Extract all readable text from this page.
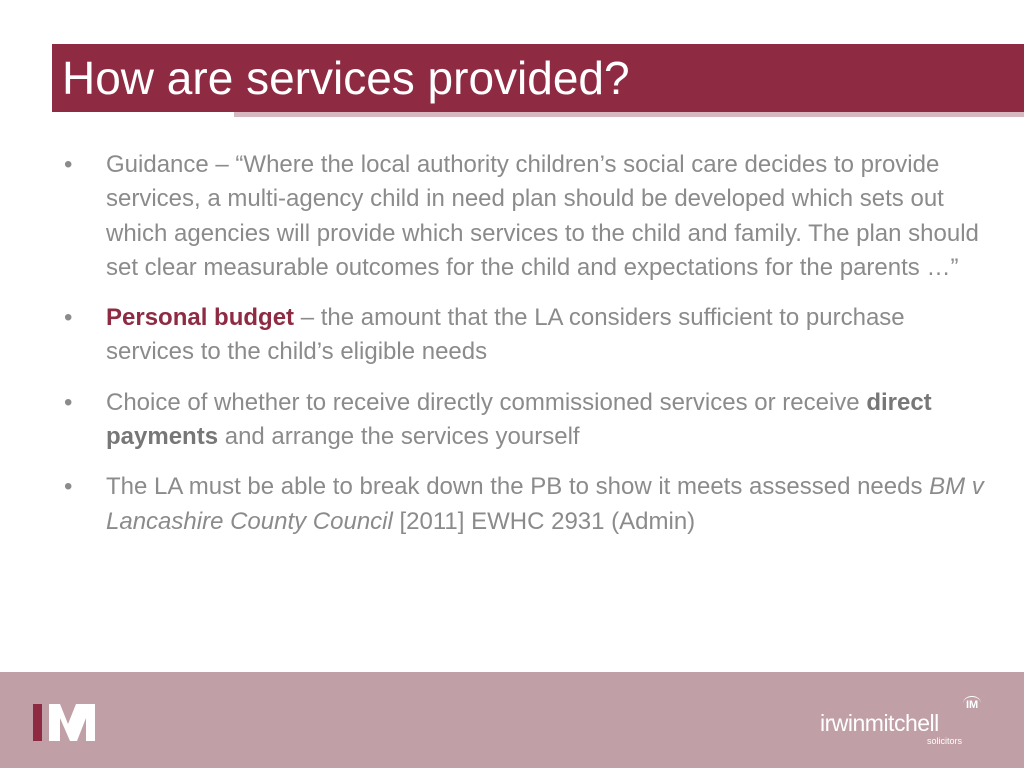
How are services provided?
• Guidance – “Where the local authority children’s social care decides to provide services, a multi-agency child in need plan should be developed which sets out which agencies will provide which services to the child and family. The plan should set clear measurable outcomes for the child and expectations for the parents …”
• Personal budget – the amount that the LA considers sufficient to purchase services to the child’s eligible needs
• Choice of whether to receive directly commissioned services or receive direct payments and arrange the services yourself
• The LA must be able to break down the PB to show it meets assessed needs BM v Lancashire County Council [2011] EWHC 2931 (Admin)
irwinmitchell
IM
solicitors
